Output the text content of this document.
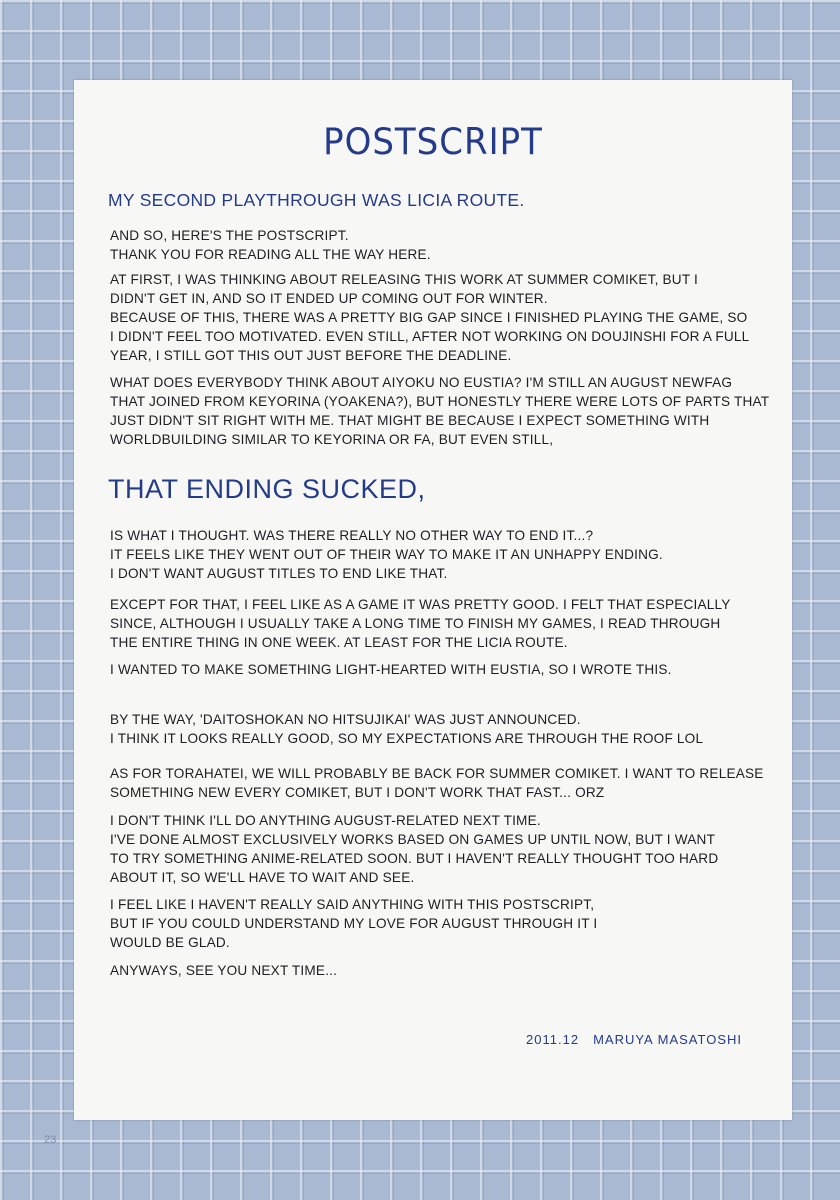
POSTSCRIPT
MY SECOND PLAYTHROUGH WAS LICIA ROUTE.
AND SO, HERE'S THE POSTSCRIPT.
THANK YOU FOR READING ALL THE WAY HERE.
AT FIRST, I WAS THINKING ABOUT RELEASING THIS WORK AT SUMMER COMIKET, BUT I
DIDN'T GET IN, AND SO IT ENDED UP COMING OUT FOR WINTER.
BECAUSE OF THIS, THERE WAS A PRETTY BIG GAP SINCE I FINISHED PLAYING THE GAME, SO
I DIDN'T FEEL TOO MOTIVATED. EVEN STILL, AFTER NOT WORKING ON DOUJINSHI FOR A FULL
YEAR, I STILL GOT THIS OUT JUST BEFORE THE DEADLINE.
WHAT DOES EVERYBODY THINK ABOUT AIYOKU NO EUSTIA? I'M STILL AN AUGUST NEWFAG
THAT JOINED FROM KEYORINA (YOAKENA?), BUT HONESTLY THERE WERE LOTS OF PARTS THAT
JUST DIDN'T SIT RIGHT WITH ME. THAT MIGHT BE BECAUSE I EXPECT SOMETHING WITH
WORLDBUILDING SIMILAR TO KEYORINA OR FA, BUT EVEN STILL,
THAT ENDING SUCKED,
IS WHAT I THOUGHT. WAS THERE REALLY NO OTHER WAY TO END IT...?
IT FEELS LIKE THEY WENT OUT OF THEIR WAY TO MAKE IT AN UNHAPPY ENDING.
I DON'T WANT AUGUST TITLES TO END LIKE THAT.
EXCEPT FOR THAT, I FEEL LIKE AS A GAME IT WAS PRETTY GOOD. I FELT THAT ESPECIALLY
SINCE, ALTHOUGH I USUALLY TAKE A LONG TIME TO FINISH MY GAMES, I READ THROUGH
THE ENTIRE THING IN ONE WEEK. AT LEAST FOR THE LICIA ROUTE.
I WANTED TO MAKE SOMETHING LIGHT-HEARTED WITH EUSTIA, SO I WROTE THIS.
BY THE WAY, 'DAITOSHOKAN NO HITSUJIKAI' WAS JUST ANNOUNCED.
I THINK IT LOOKS REALLY GOOD, SO MY EXPECTATIONS ARE THROUGH THE ROOF LOL
AS FOR TORAHATEI, WE WILL PROBABLY BE BACK FOR SUMMER COMIKET. I WANT TO RELEASE
SOMETHING NEW EVERY COMIKET, BUT I DON'T WORK THAT FAST... ORZ
I DON'T THINK I'LL DO ANYTHING AUGUST-RELATED NEXT TIME.
I'VE DONE ALMOST EXCLUSIVELY WORKS BASED ON GAMES UP UNTIL NOW, BUT I WANT
TO TRY SOMETHING ANIME-RELATED SOON. BUT I HAVEN'T REALLY THOUGHT TOO HARD
ABOUT IT, SO WE'LL HAVE TO WAIT AND SEE.
I FEEL LIKE I HAVEN'T REALLY SAID ANYTHING WITH THIS POSTSCRIPT,
BUT IF YOU COULD UNDERSTAND MY LOVE FOR AUGUST THROUGH IT I
WOULD BE GLAD.
ANYWAYS, SEE YOU NEXT TIME...
2011.12 MARUYA MASATOSHI
23
